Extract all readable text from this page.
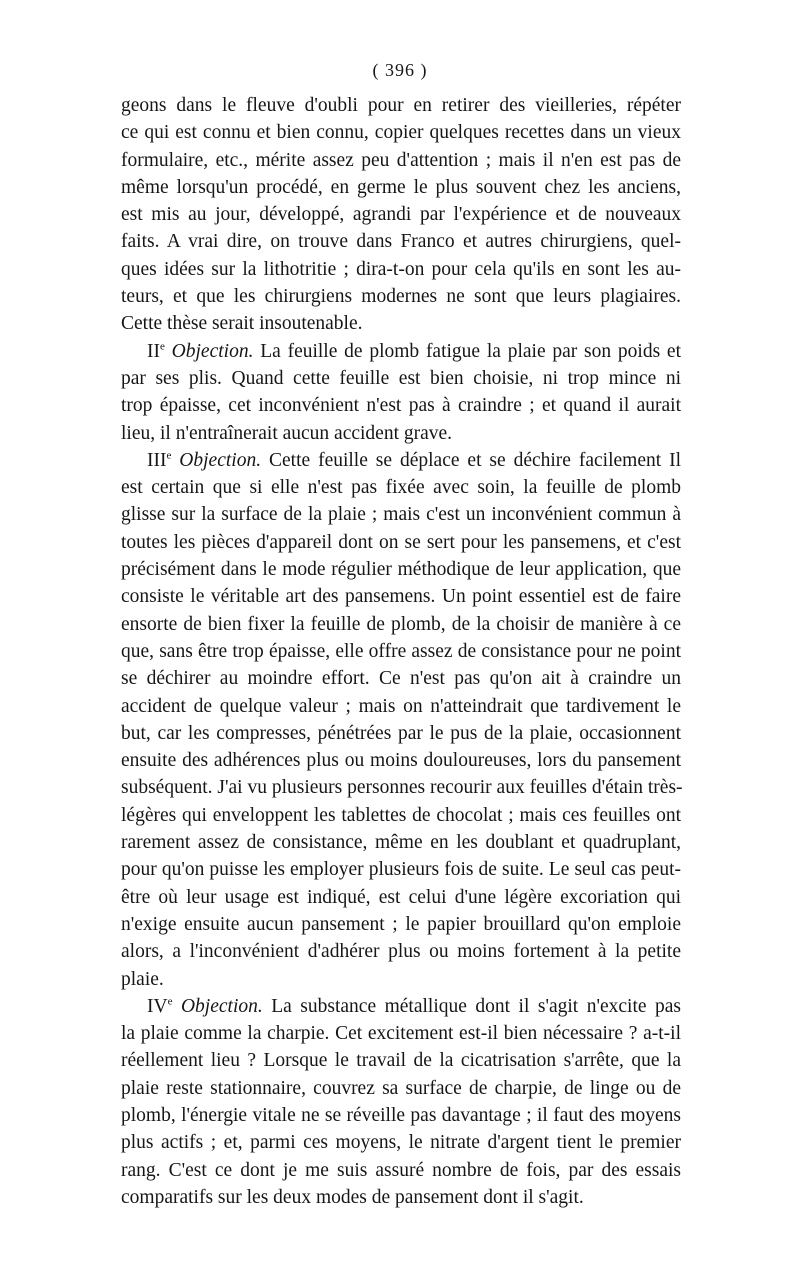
( 396 )
geons dans le fleuve d'oubli pour en retirer des vieilleries, répéter
ce qui est connu et bien connu, copier quelques recettes dans un vieux
formulaire, etc., mérite assez peu d'attention ; mais il n'en est pas de
même lorsqu'un procédé, en germe le plus souvent chez les anciens,
est mis au jour, développé, agrandi par l'expérience et de nouveaux
faits. A vrai dire, on trouve dans Franco et autres chirurgiens, quel-
ques idées sur la lithotritie ; dira-t-on pour cela qu'ils en sont les au-
teurs, et que les chirurgiens modernes ne sont que leurs plagiaires.
Cette thèse serait insoutenable.
IIe Objection. La feuille de plomb fatigue la plaie par son poids et
par ses plis. Quand cette feuille est bien choisie, ni trop mince ni
trop épaisse, cet inconvénient n'est pas à craindre ; et quand il aurait
lieu, il n'entraînerait aucun accident grave.
IIIe Objection. Cette feuille se déplace et se déchire facilement Il
est certain que si elle n'est pas fixée avec soin, la feuille de plomb
glisse sur la surface de la plaie ; mais c'est un inconvénient commun à
toutes les pièces d'appareil dont on se sert pour les pansemens, et c'est
précisément dans le mode régulier méthodique de leur application, que
consiste le véritable art des pansemens. Un point essentiel est de faire
ensorte de bien fixer la feuille de plomb, de la choisir de manière à ce
que, sans être trop épaisse, elle offre assez de consistance pour ne point
se déchirer au moindre effort. Ce n'est pas qu'on ait à craindre un
accident de quelque valeur ; mais on n'atteindrait que tardivement le
but, car les compresses, pénétrées par le pus de la plaie, occasionnent
ensuite des adhérences plus ou moins douloureuses, lors du pansement
subséquent. J'ai vu plusieurs personnes recourir aux feuilles d'étain très-
légères qui enveloppent les tablettes de chocolat ; mais ces feuilles ont
rarement assez de consistance, même en les doublant et quadruplant,
pour qu'on puisse les employer plusieurs fois de suite. Le seul cas peut-
être où leur usage est indiqué, est celui d'une légère excoriation qui
n'exige ensuite aucun pansement ; le papier brouillard qu'on emploie
alors, a l'inconvénient d'adhérer plus ou moins fortement à la petite
plaie.
IVe Objection. La substance métallique dont il s'agit n'excite pas
la plaie comme la charpie. Cet excitement est-il bien nécessaire ? a-t-il
réellement lieu ? Lorsque le travail de la cicatrisation s'arrête, que la
plaie reste stationnaire, couvrez sa surface de charpie, de linge ou de
plomb, l'énergie vitale ne se réveille pas davantage ; il faut des moyens
plus actifs ; et, parmi ces moyens, le nitrate d'argent tient le premier
rang. C'est ce dont je me suis assuré nombre de fois, par des essais
comparatifs sur les deux modes de pansement dont il s'agit.
